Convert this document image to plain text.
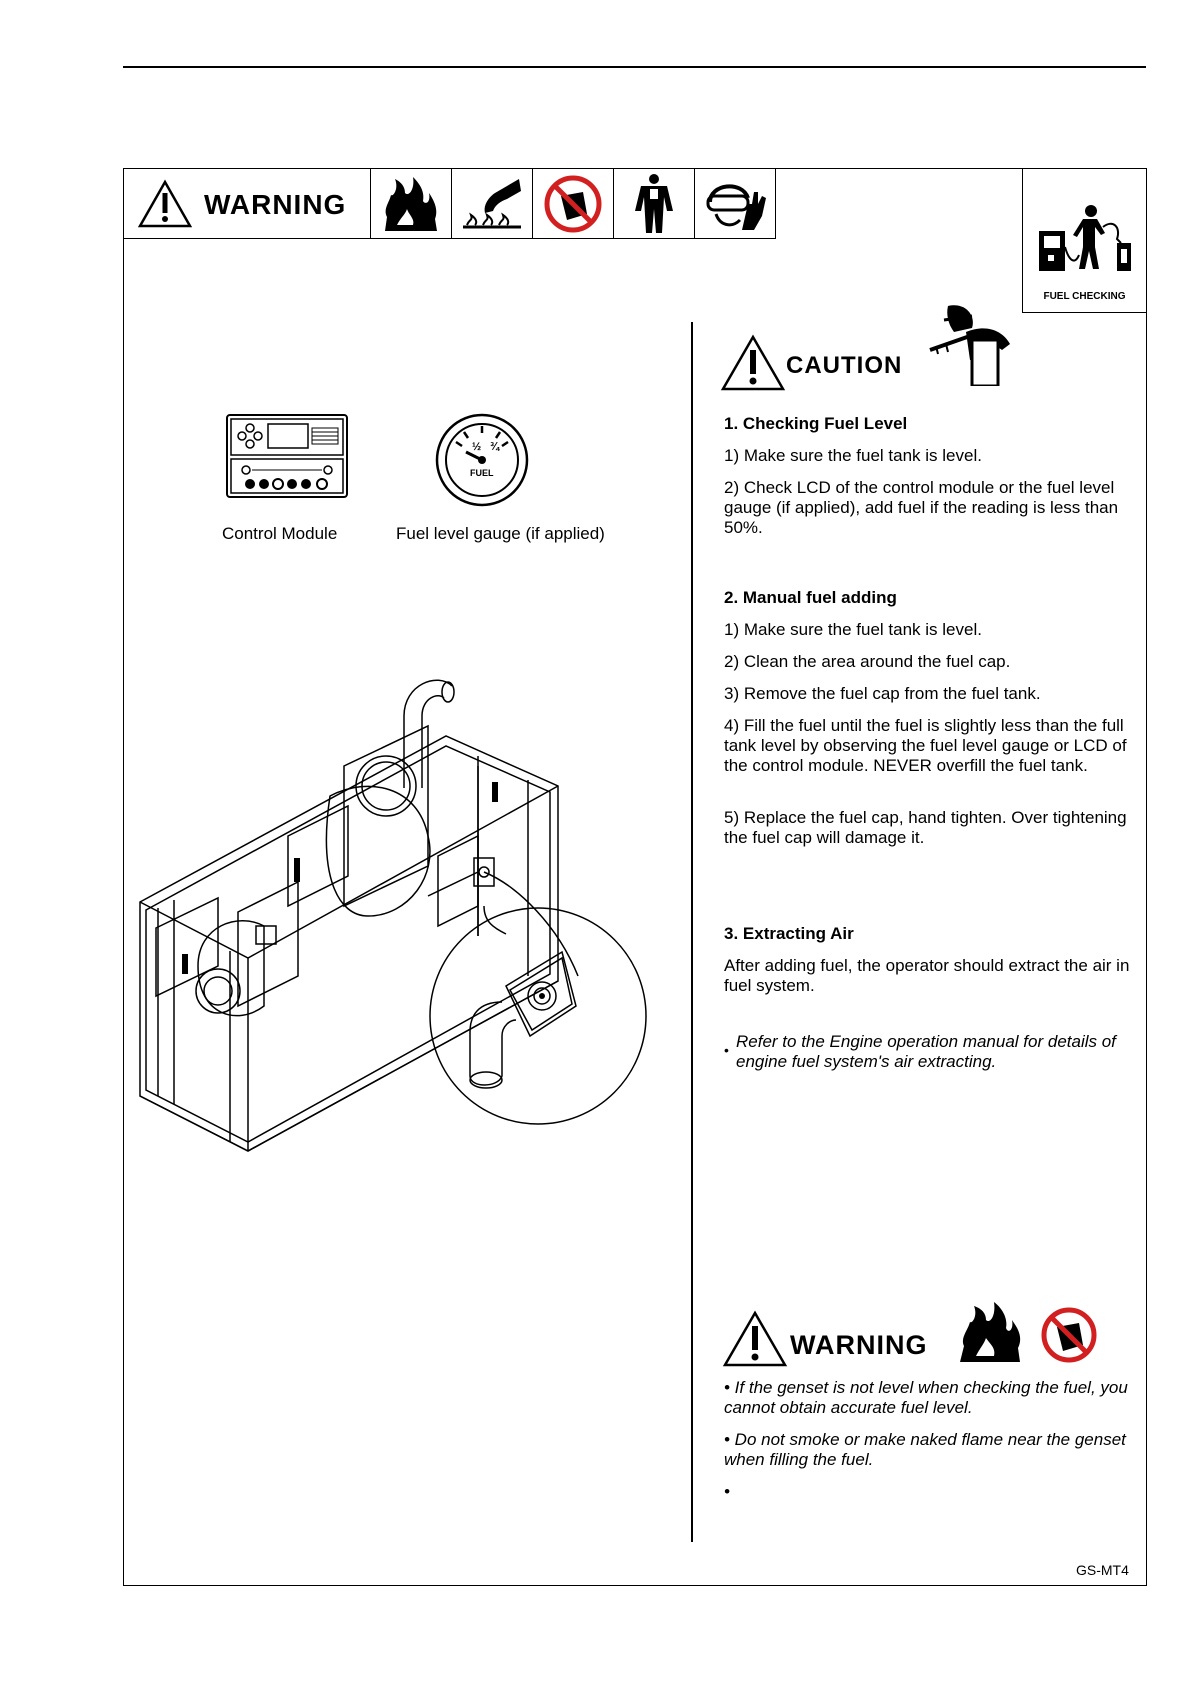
WARNING
FUEL CHECKING
Control Module
½ ¾
FUEL
Fuel level gauge (if applied)
CAUTION
1. Checking Fuel Level
1) Make sure the fuel tank is level.
2) Check LCD of the control module or the fuel level gauge (if applied), add fuel if the reading is less than 50%.
2. Manual fuel adding
1) Make sure the fuel tank is level.
2) Clean the area around the fuel cap.
3) Remove the fuel cap from the fuel tank.
4) Fill the fuel until the fuel is slightly less than the full tank level by observing the fuel level gauge or LCD of the control module. NEVER overfill the fuel tank.
5) Replace the fuel cap, hand tighten. Over tightening the fuel cap will damage it.
3. Extracting Air
After adding fuel, the operator should extract the air in fuel system.
• Refer to the Engine operation manual for details of engine fuel system's air extracting.
WARNING
• If the genset is not level when checking the fuel, you cannot obtain accurate fuel level.
• Do not smoke or make naked flame near the genset when filling the fuel.
•
GS-MT4
